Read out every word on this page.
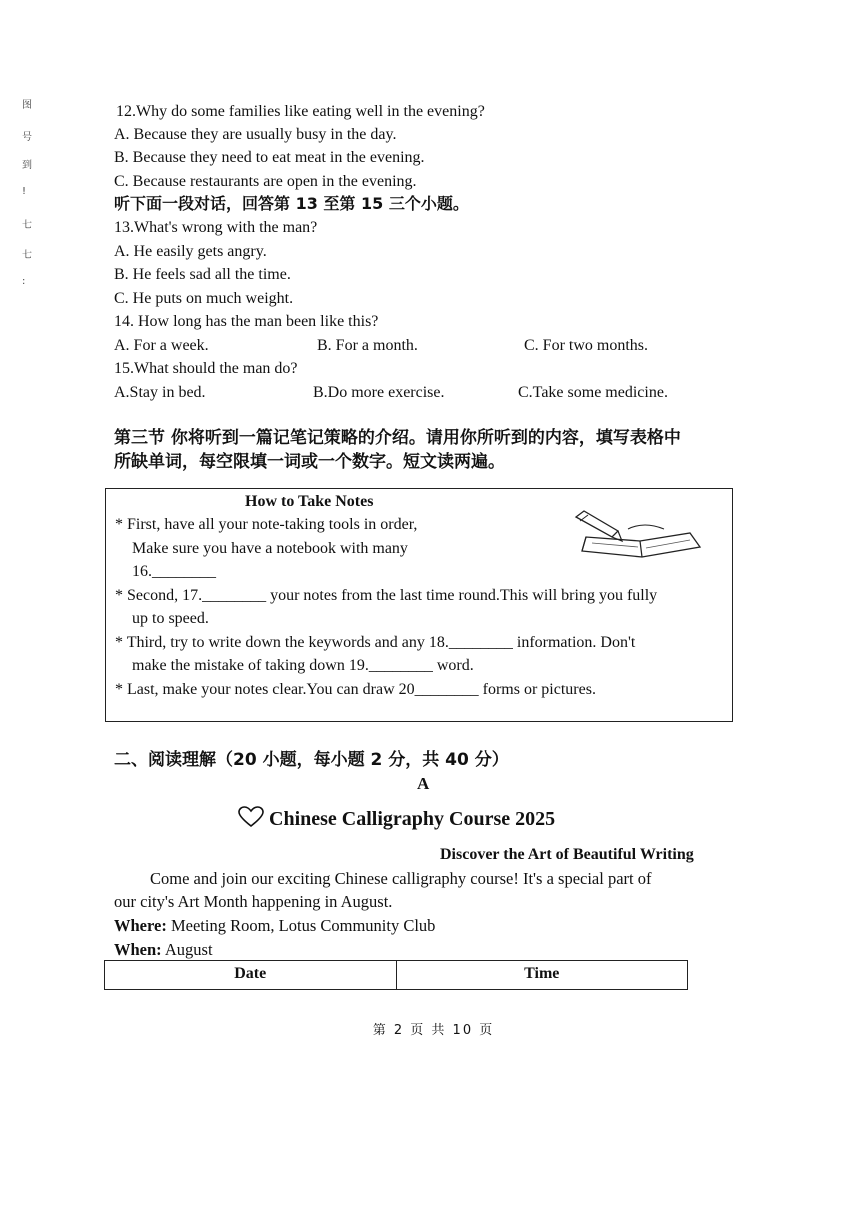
图
号
到
!
七
七
:
12.Why do some families like eating well in the evening?
A. Because they are usually busy in the day.
B. Because they need to eat meat in the evening.
C. Because restaurants are open in the evening.
听下面一段对话，回答第 13 至第 15 三个小题。
13.What's wrong with the man?
A. He easily gets angry.
B. He feels sad all the time.
C. He puts on much weight.
14. How long has the man been like this?
A. For a week.	B. For a month.	C. For two months.
15.What should the man do?
A.Stay in bed.	B.Do more exercise.	C.Take some medicine.
第三节 你将听到一篇记笔记策略的介绍。请用你所听到的内容，填写表格中
所缺单词，每空限填一词或一个数字。短文读两遍。
How to Take Notes
* First, have all your note-taking tools in order,
Make sure you have a notebook with many
16.________
* Second, 17.________ your notes from the last time round.This will bring you fully
up to speed.
* Third, try to write down the keywords and any 18.________ information. Don't
make the mistake of taking down 19.________ word.
* Last, make your notes clear.You can draw 20________ forms or pictures.
二、阅读理解（20 小题，每小题 2 分，共 40 分）
A
Chinese Calligraphy Course 2025
Discover the Art of Beautiful Writing
Come and join our exciting Chinese calligraphy course! It's a special part of
our city's Art Month happening in August.
Where: Meeting Room, Lotus Community Club
When: August
Date	Time
第 2 页 共 10 页
